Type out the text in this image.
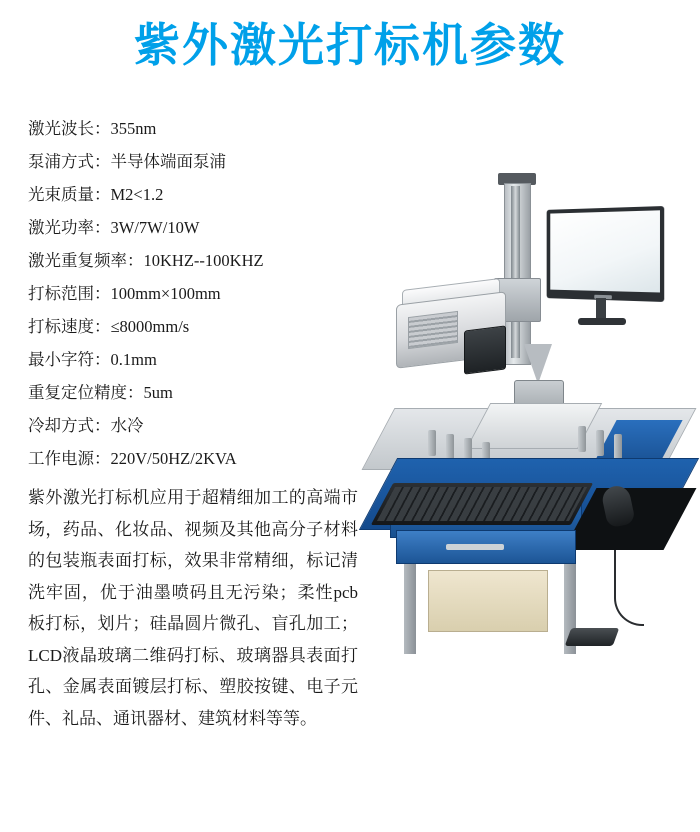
紫外激光打标机参数
激光波长：355nm
泵浦方式：半导体端面泵浦
光束质量：M2<1.2
激光功率：3W/7W/10W
激光重复频率：10KHZ--100KHZ
打标范围：100mm×100mm
打标速度：≤8000mm/s
最小字符：0.1mm
重复定位精度：5um
冷却方式：水冷
工作电源：220V/50HZ/2KVA
紫外激光打标机应用于超精细加工的高端市场，药品、化妆品、视频及其他高分子材料的包装瓶表面打标，效果非常精细，标记清洗牢固，优于油墨喷码且无污染；柔性pcb板打标，划片；硅晶圆片微孔、盲孔加工；LCD液晶玻璃二维码打标、玻璃器具表面打孔、金属表面镀层打标、塑胶按键、电子元件、礼品、通讯器材、建筑材料等等。
